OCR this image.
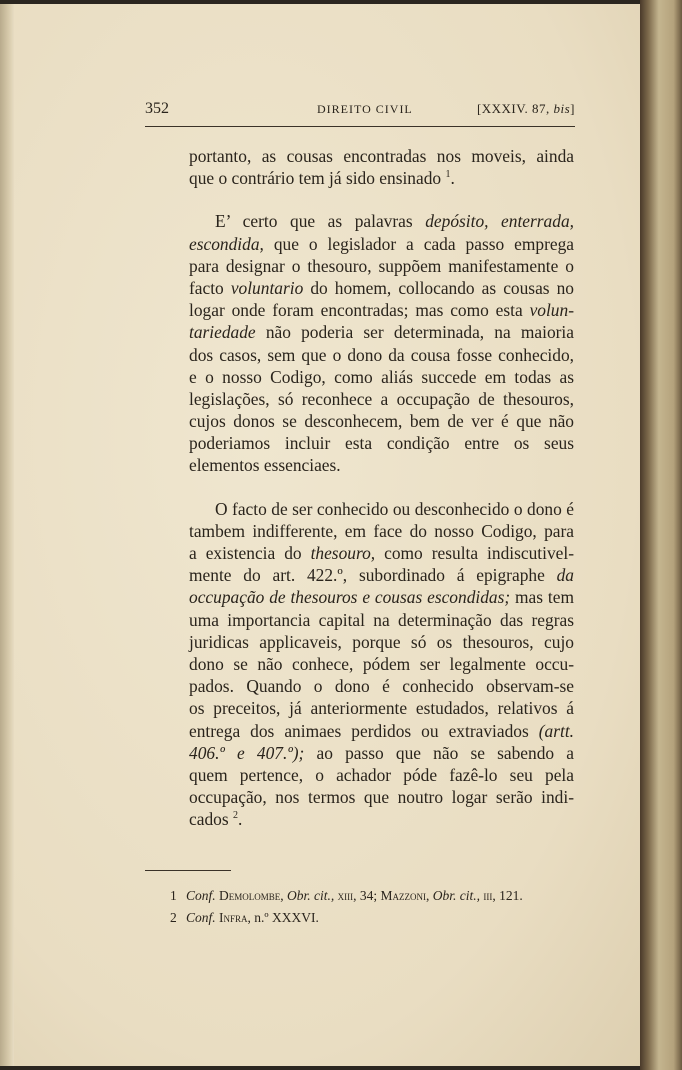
352	DIREITO CIVIL	[XXXIV. 87, bis]
portanto, as cousas encontradas nos moveis, ainda
que o contrário tem já sido ensinado $^1$.
E’ certo que as palavras depósito, enterrada,
escondida, que o legislador a cada passo emprega
para designar o thesouro, suppõem manifestamente o
facto voluntario do homem, collocando as cousas no
logar onde foram encontradas; mas como esta volun-
tariedade não poderia ser determinada, na maioria
dos casos, sem que o dono da cousa fosse conhecido,
e o nosso Codigo, como aliás succede em todas as
legislações, só reconhece a occupação de thesouros,
cujos donos se desconhecem, bem de ver é que não
poderiamos incluir esta condição entre os seus
elementos essenciaes.
O facto de ser conhecido ou desconhecido o dono é
tambem indifferente, em face do nosso Codigo, para
a existencia do thesouro, como resulta indiscutivel-
mente do art. 422.º, subordinado á epigraphe da
occupação de thesouros e cousas escondidas; mas tem
uma importancia capital na determinação das regras
juridicas applicaveis, porque só os thesouros, cujo
dono se não conhece, pódem ser legalmente occu-
pados. Quando o dono é conhecido observam-se
os preceitos, já anteriormente estudados, relativos á
entrega dos animaes perdidos ou extraviados (artt.
406.º e 407.º); ao passo que não se sabendo a
quem pertence, o achador póde fazê-lo seu pela
occupação, nos termos que noutro logar serão indi-
cados $^2$.
1 Conf. Demolombe, Obr. cit., xiii, 34; Mazzoni, Obr. cit., iii, 121.
2 Conf. Infra, n.º XXXVI.
